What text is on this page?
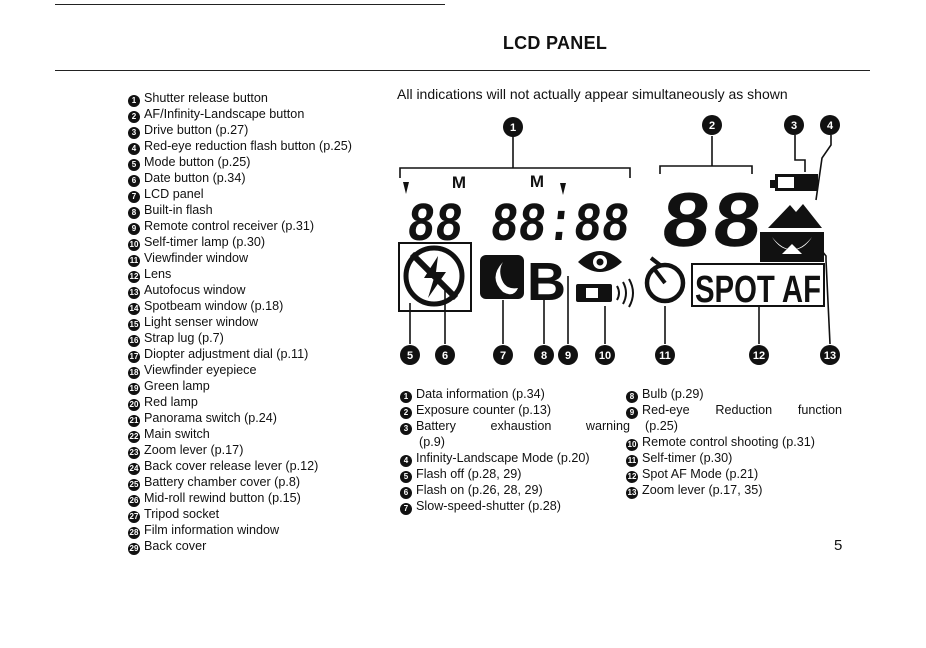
LCD PANEL
1 Shutter release button
2 AF/Infinity-Landscape button
3 Drive button (p.27)
4 Red-eye reduction flash button (p.25)
5 Mode button (p.25)
6 Date button (p.34)
7 LCD panel
8 Built-in flash
9 Remote control receiver (p.31)
10 Self-timer lamp (p.30)
11 Viewfinder window
12 Lens
13 Autofocus window
14 Spotbeam window (p.18)
15 Light senser window
16 Strap lug (p.7)
17 Diopter adjustment dial (p.11)
18 Viewfinder eyepiece
19 Green lamp
20 Red lamp
21 Panorama switch (p.24)
22 Main switch
23 Zoom lever (p.17)
24 Back cover release lever (p.12)
25 Battery chamber cover (p.8)
26 Mid-roll rewind button (p.15)
27 Tripod socket
28 Film information window
29 Back cover
All indications will not actually appear simultaneously as shown
M	M
88 88:88
88
B	SPOT AF
1	2	3	4
5	6	7	8 9	10	11	12	13
1 Data information (p.34)
2 Exposure counter (p.13)
3 Battery	exhaustion	warning
(p.9)
4 Infinity-Landscape Mode (p.20)
5 Flash off (p.28, 29)
6 Flash on (p.26, 28, 29)
7 Slow-speed-shutter (p.28)
8 Bulb (p.29)
9 Red-eye Reduction function
(p.25)
10 Remote control shooting (p.31)
11 Self-timer (p.30)
12 Spot AF Mode (p.21)
13 Zoom lever (p.17, 35)
5
